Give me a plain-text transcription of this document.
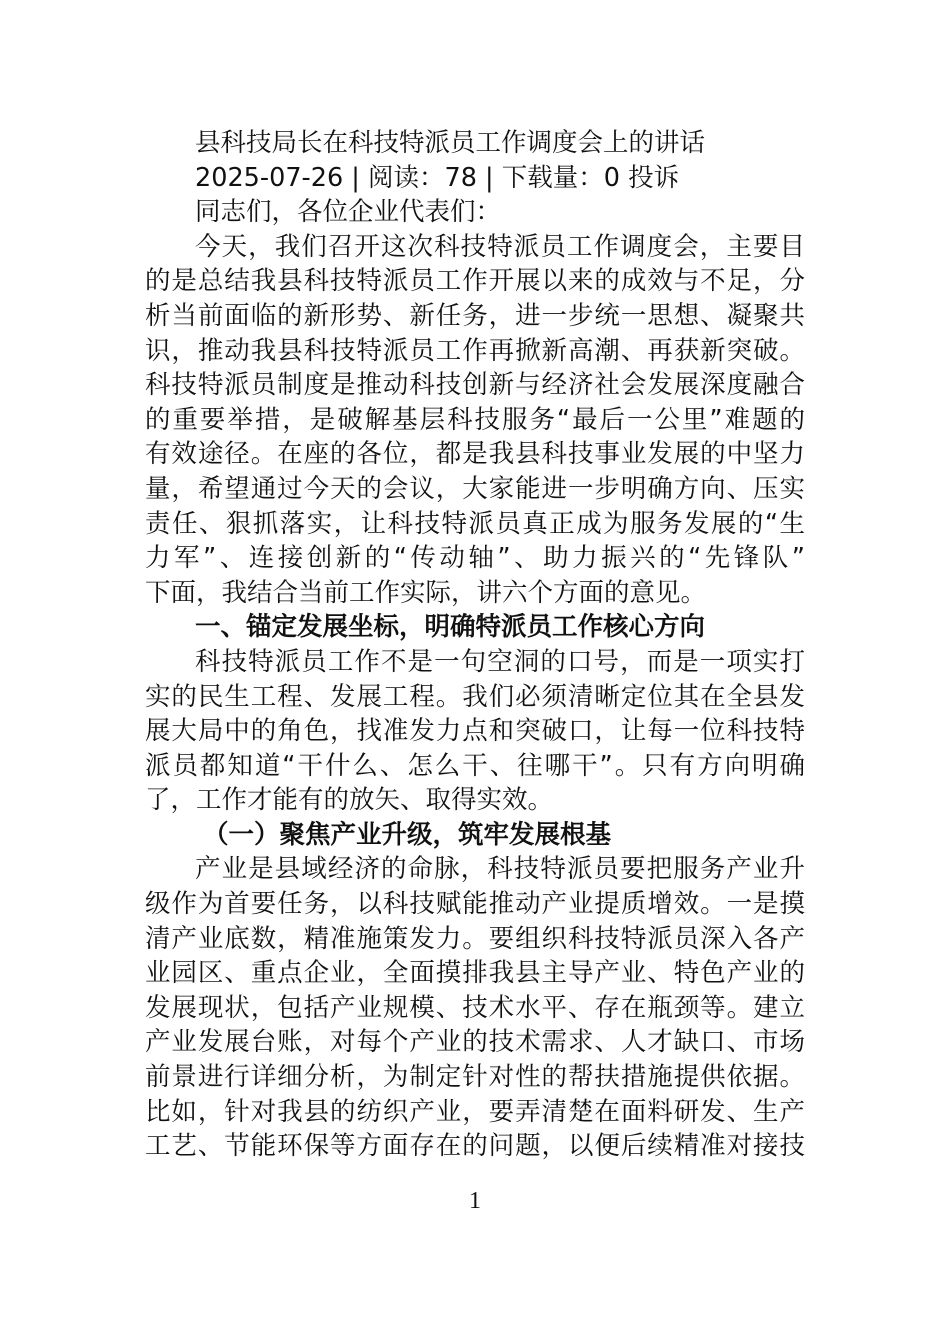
县科技局长在科技特派员工作调度会上的讲话
2025-07-26 | 阅读：78 | 下载量：0 投诉
同志们，各位企业代表们：
今天，我们召开这次科技特派员工作调度会，主要目
的是总结我县科技特派员工作开展以来的成效与不足，分
析当前面临的新形势、新任务，进一步统一思想、凝聚共
识，推动我县科技特派员工作再掀新高潮、再获新突破。
科技特派员制度是推动科技创新与经济社会发展深度融合
的重要举措，是破解基层科技服务“最后一公里”难题的
有效途径。在座的各位，都是我县科技事业发展的中坚力
量，希望通过今天的会议，大家能进一步明确方向、压实
责任、狠抓落实，让科技特派员真正成为服务发展的“生
力军”、连接创新的“传动轴”、助力振兴的“先锋队”
下面，我结合当前工作实际，讲六个方面的意见。
一、锚定发展坐标，明确特派员工作核心方向
科技特派员工作不是一句空洞的口号，而是一项实打
实的民生工程、发展工程。我们必须清晰定位其在全县发
展大局中的角色，找准发力点和突破口，让每一位科技特
派员都知道“干什么、怎么干、往哪干”。只有方向明确
了，工作才能有的放矢、取得实效。
（一）聚焦产业升级，筑牢发展根基
产业是县域经济的命脉，科技特派员要把服务产业升
级作为首要任务，以科技赋能推动产业提质增效。一是摸
清产业底数，精准施策发力。要组织科技特派员深入各产
业园区、重点企业，全面摸排我县主导产业、特色产业的
发展现状，包括产业规模、技术水平、存在瓶颈等。建立
产业发展台账，对每个产业的技术需求、人才缺口、市场
前景进行详细分析，为制定针对性的帮扶措施提供依据。
比如，针对我县的纺织产业，要弄清楚在面料研发、生产
工艺、节能环保等方面存在的问题，以便后续精准对接技
1
